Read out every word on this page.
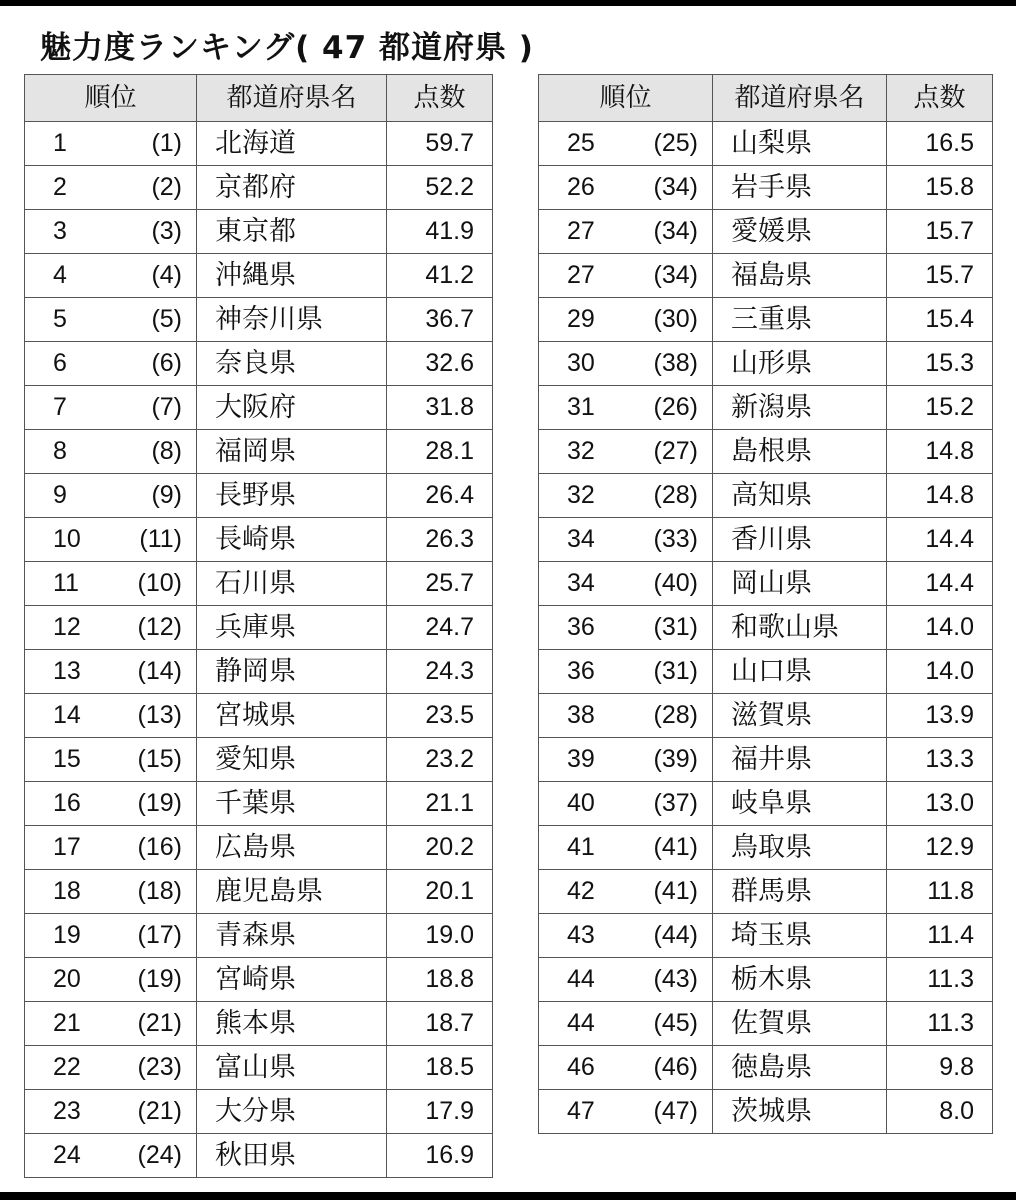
魅力度ランキング( 47 都道府県 )
順位		都道府県名	点数
1	(1)	北海道	59.7
2	(2)	京都府	52.2
3	(3)	東京都	41.9
4	(4)	沖縄県	41.2
5	(5)	神奈川県	36.7
6	(6)	奈良県	32.6
7	(7)	大阪府	31.8
8	(8)	福岡県	28.1
9	(9)	長野県	26.4
10	(11)	長崎県	26.3
11	(10)	石川県	25.7
12	(12)	兵庫県	24.7
13	(14)	静岡県	24.3
14	(13)	宮城県	23.5
15	(15)	愛知県	23.2
16	(19)	千葉県	21.1
17	(16)	広島県	20.2
18	(18)	鹿児島県	20.1
19	(17)	青森県	19.0
20	(19)	宮崎県	18.8
21	(21)	熊本県	18.7
22	(23)	富山県	18.5
23	(21)	大分県	17.9
24	(24)	秋田県	16.9
順位		都道府県名	点数
25	(25)	山梨県	16.5
26	(34)	岩手県	15.8
27	(34)	愛媛県	15.7
27	(34)	福島県	15.7
29	(30)	三重県	15.4
30	(38)	山形県	15.3
31	(26)	新潟県	15.2
32	(27)	島根県	14.8
32	(28)	高知県	14.8
34	(33)	香川県	14.4
34	(40)	岡山県	14.4
36	(31)	和歌山県	14.0
36	(31)	山口県	14.0
38	(28)	滋賀県	13.9
39	(39)	福井県	13.3
40	(37)	岐阜県	13.0
41	(41)	鳥取県	12.9
42	(41)	群馬県	11.8
43	(44)	埼玉県	11.4
44	(43)	栃木県	11.3
44	(45)	佐賀県	11.3
46	(46)	徳島県	9.8
47	(47)	茨城県	8.0
